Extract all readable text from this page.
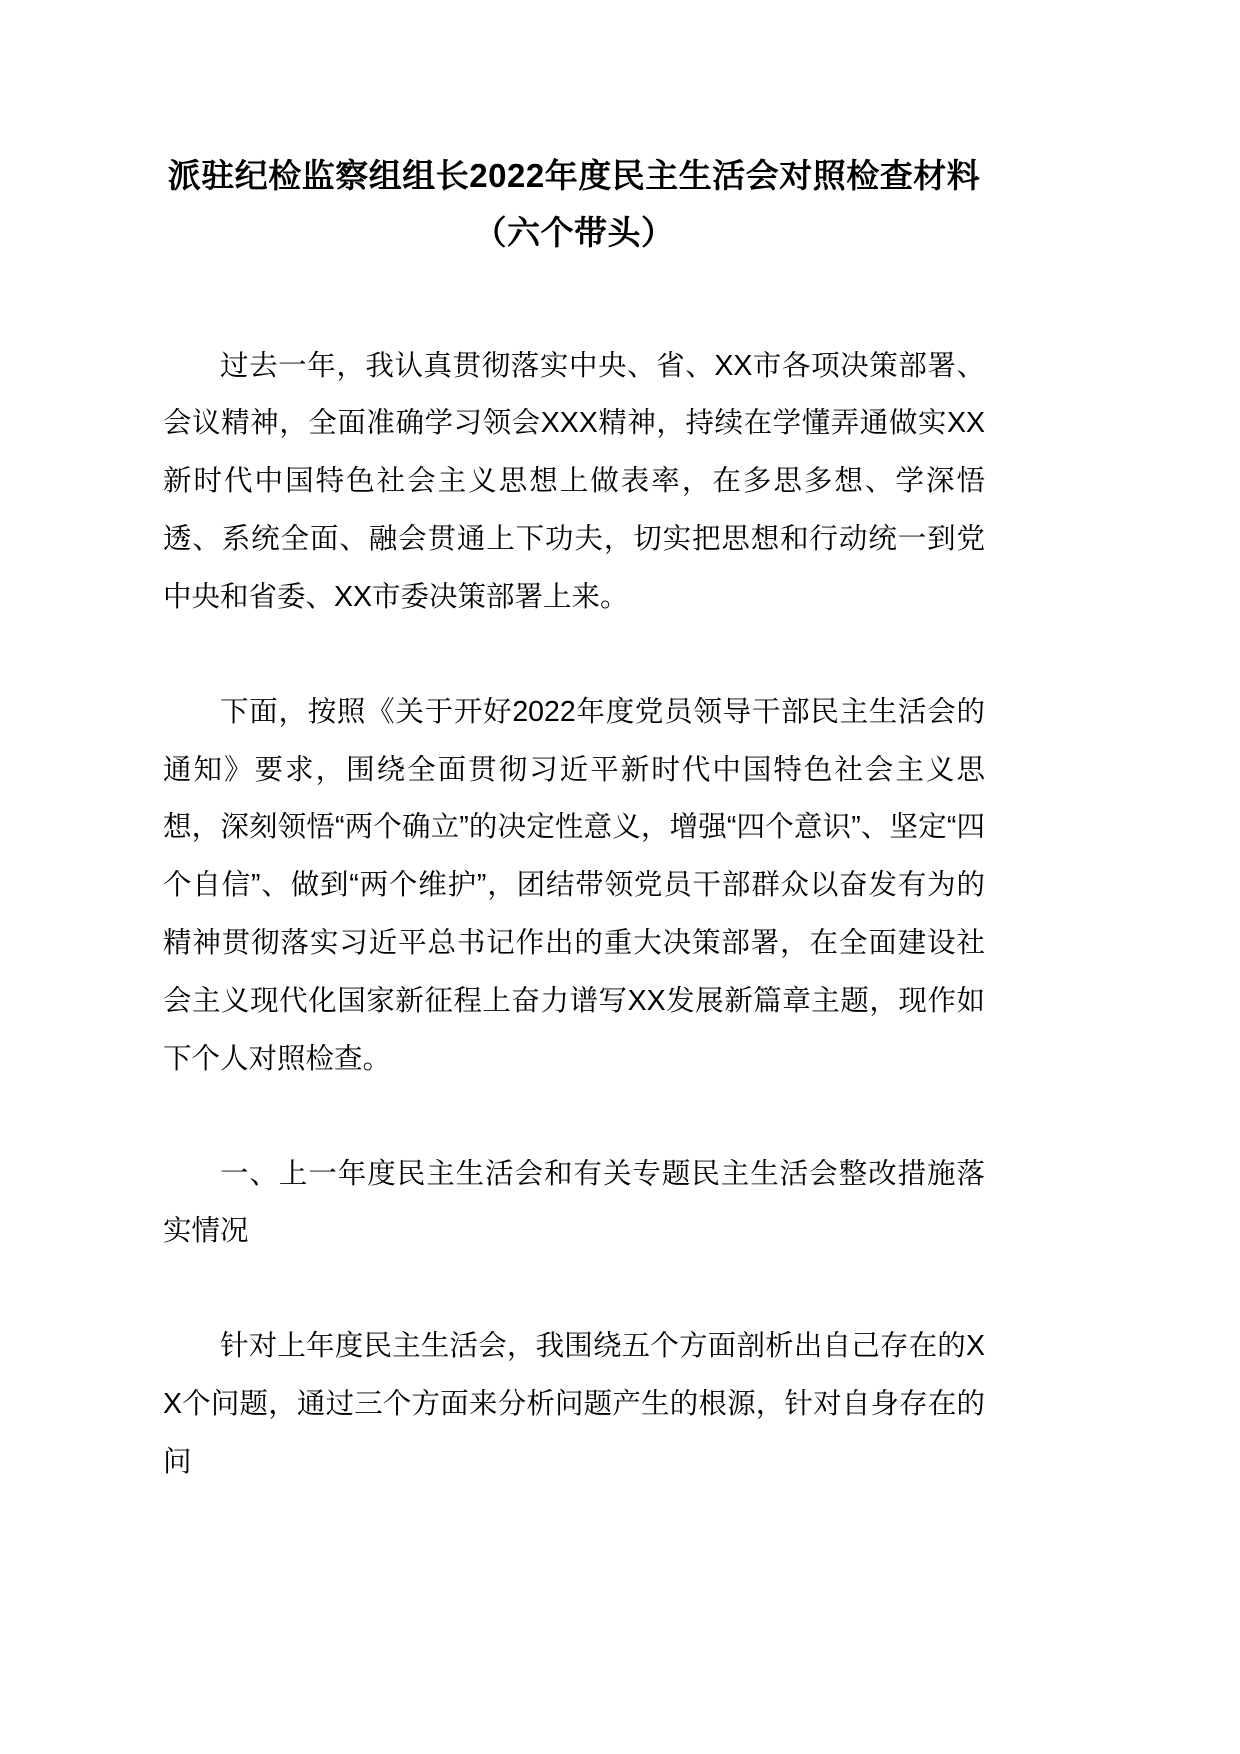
派驻纪检监察组组长2022年度民主生活会对照检查材料（六个带头）

过去一年，我认真贯彻落实中央、省、XX市各项决策部署、会议精神，全面准确学习领会XXX精神，持续在学懂弄通做实XX新时代中国特色社会主义思想上做表率，在多思多想、学深悟透、系统全面、融会贯通上下功夫，切实把思想和行动统一到党中央和省委、XX市委决策部署上来。

下面，按照《关于开好2022年度党员领导干部民主生活会的通知》要求，围绕全面贯彻习近平新时代中国特色社会主义思想，深刻领悟“两个确立”的决定性意义，增强“四个意识”、坚定“四个自信”、做到“两个维护”，团结带领党员干部群众以奋发有为的精神贯彻落实习近平总书记作出的重大决策部署，在全面建设社会主义现代化国家新征程上奋力谱写XX发展新篇章主题，现作如下个人对照检查。

一、上一年度民主生活会和有关专题民主生活会整改措施落实情况

针对上年度民主生活会，我围绕五个方面剖析出自己存在的XX个问题，通过三个方面来分析问题产生的根源，针对自身存在的问
